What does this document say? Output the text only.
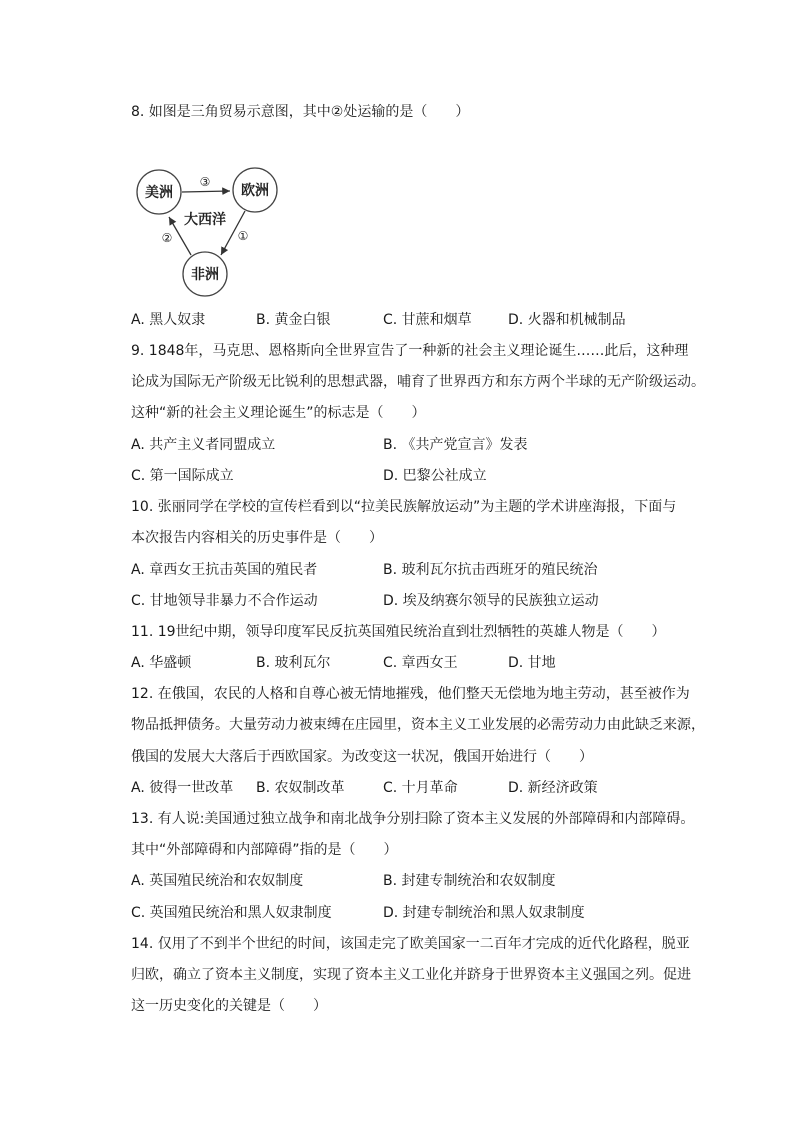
8. 如图是三角贸易示意图，其中②处运输的是（　　）
美洲	欧洲
非洲
大西洋
③
①
②
A. 黑人奴隶	B. 黄金白银	C. 甘蔗和烟草	D. 火器和机械制品
9. 1848年，马克思、恩格斯向全世界宣告了一种新的社会主义理论诞生……此后，这种理
论成为国际无产阶级无比锐利的思想武器，哺育了世界西方和东方两个半球的无产阶级运动。
这种“新的社会主义理论诞生”的标志是（　　）
A. 共产主义者同盟成立	B. 《共产党宣言》发表
C. 第一国际成立	D. 巴黎公社成立
10. 张丽同学在学校的宣传栏看到以“拉美民族解放运动”为主题的学术讲座海报，下面与
本次报告内容相关的历史事件是（　　）
A. 章西女王抗击英国的殖民者	B. 玻利瓦尔抗击西班牙的殖民统治
C. 甘地领导非暴力不合作运动	D. 埃及纳赛尔领导的民族独立运动
11. 19世纪中期，领导印度军民反抗英国殖民统治直到壮烈牺牲的英雄人物是（　　）
A. 华盛顿	B. 玻利瓦尔	C. 章西女王	D. 甘地
12. 在俄国，农民的人格和自尊心被无情地摧残，他们整天无偿地为地主劳动，甚至被作为
物品抵押债务。大量劳动力被束缚在庄园里，资本主义工业发展的必需劳动力由此缺乏来源，
俄国的发展大大落后于西欧国家。为改变这一状况，俄国开始进行（　　）
A. 彼得一世改革 B. 农奴制改革	C. 十月革命	D. 新经济政策
13. 有人说:美国通过独立战争和南北战争分别扫除了资本主义发展的外部障碍和内部障碍。
其中“外部障碍和内部障碍”指的是（　　）
A. 英国殖民统治和农奴制度	B. 封建专制统治和农奴制度
C. 英国殖民统治和黑人奴隶制度	D. 封建专制统治和黑人奴隶制度
14. 仅用了不到半个世纪的时间，该国走完了欧美国家一二百年才完成的近代化路程，脱亚
归欧，确立了资本主义制度，实现了资本主义工业化并跻身于世界资本主义强国之列。促进
这一历史变化的关键是（　　）
